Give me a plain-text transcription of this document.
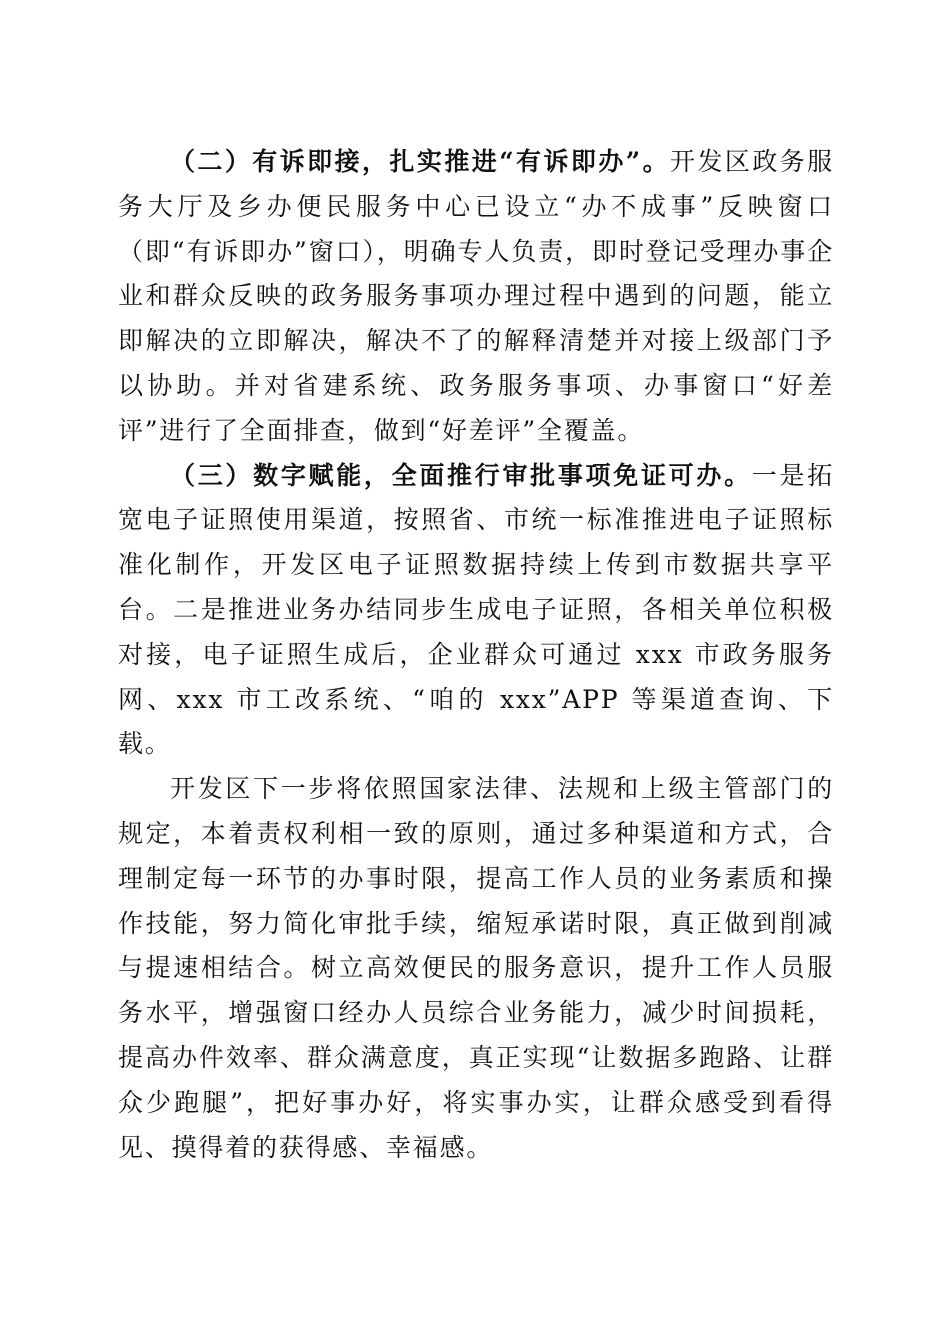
（二）有诉即接，扎实推进“有诉即办”。开发区政务服务大厅及乡办便民服务中心已设立“办不成事”反映窗口（即“有诉即办”窗口），明确专人负责，即时登记受理办事企业和群众反映的政务服务事项办理过程中遇到的问题，能立即解决的立即解决，解决不了的解释清楚并对接上级部门予以协助。并对省建系统、政务服务事项、办事窗口“好差评”进行了全面排查，做到“好差评”全覆盖。

（三）数字赋能，全面推行审批事项免证可办。一是拓宽电子证照使用渠道，按照省、市统一标准推进电子证照标准化制作，开发区电子证照数据持续上传到市数据共享平台。二是推进业务办结同步生成电子证照，各相关单位积极对接，电子证照生成后，企业群众可通过 xxx 市政务服务网、xxx 市工改系统、“咱的 xxx”APP 等渠道查询、下载。

开发区下一步将依照国家法律、法规和上级主管部门的规定，本着责权利相一致的原则，通过多种渠道和方式，合理制定每一环节的办事时限，提高工作人员的业务素质和操作技能，努力简化审批手续，缩短承诺时限，真正做到削减与提速相结合。树立高效便民的服务意识，提升工作人员服务水平，增强窗口经办人员综合业务能力，减少时间损耗，提高办件效率、群众满意度，真正实现“让数据多跑路、让群众少跑腿”，把好事办好，将实事办实，让群众感受到看得见、摸得着的获得感、幸福感。
